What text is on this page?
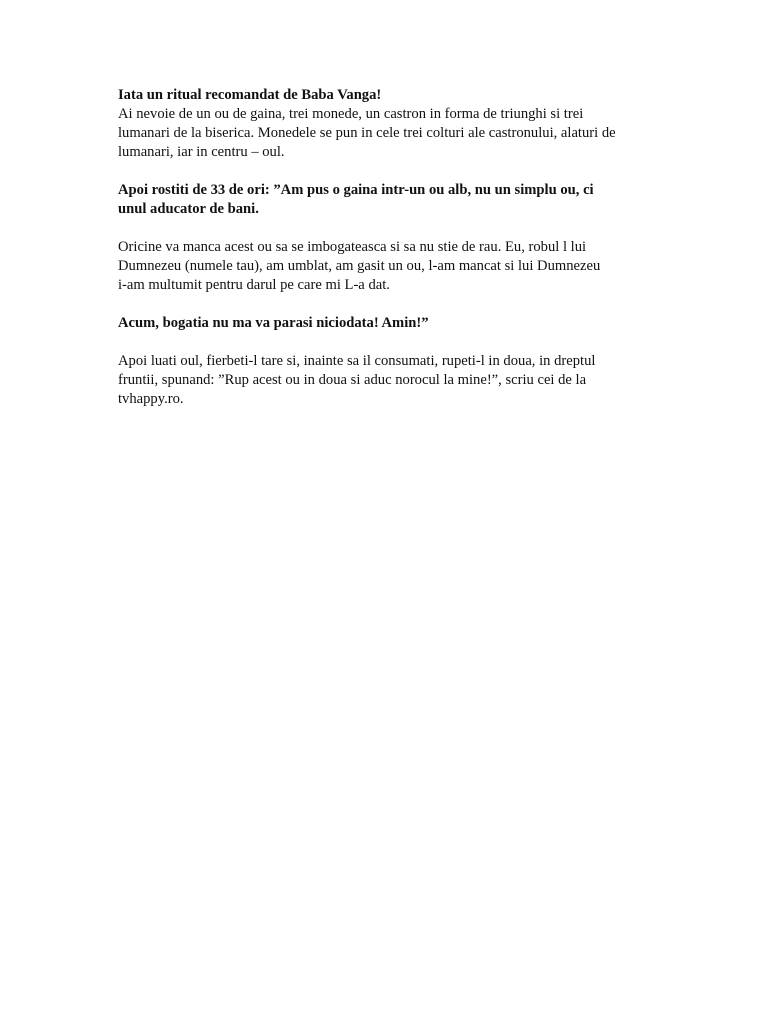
Iata un ritual recomandat de Baba Vanga!
Ai nevoie de un ou de gaina, trei monede, un castron in forma de triunghi si trei
lumanari de la biserica. Monedele se pun in cele trei colturi ale castronului, alaturi de
lumanari, iar in centru – oul.

Apoi rostiti de 33 de ori: ”Am pus o gaina intr-un ou alb, nu un simplu ou, ci
unul aducator de bani.

Oricine va manca acest ou sa se imbogateasca si sa nu stie de rau. Eu, robul l lui
Dumnezeu (numele tau), am umblat, am gasit un ou, l-am mancat si lui Dumnezeu
i-am multumit pentru darul pe care mi L-a dat.

Acum, bogatia nu ma va parasi niciodata! Amin!”

Apoi luati oul, fierbeti-l tare si, inainte sa il consumati, rupeti-l in doua, in dreptul
fruntii, spunand: ”Rup acest ou in doua si aduc norocul la mine!”, scriu cei de la
tvhappy.ro.
